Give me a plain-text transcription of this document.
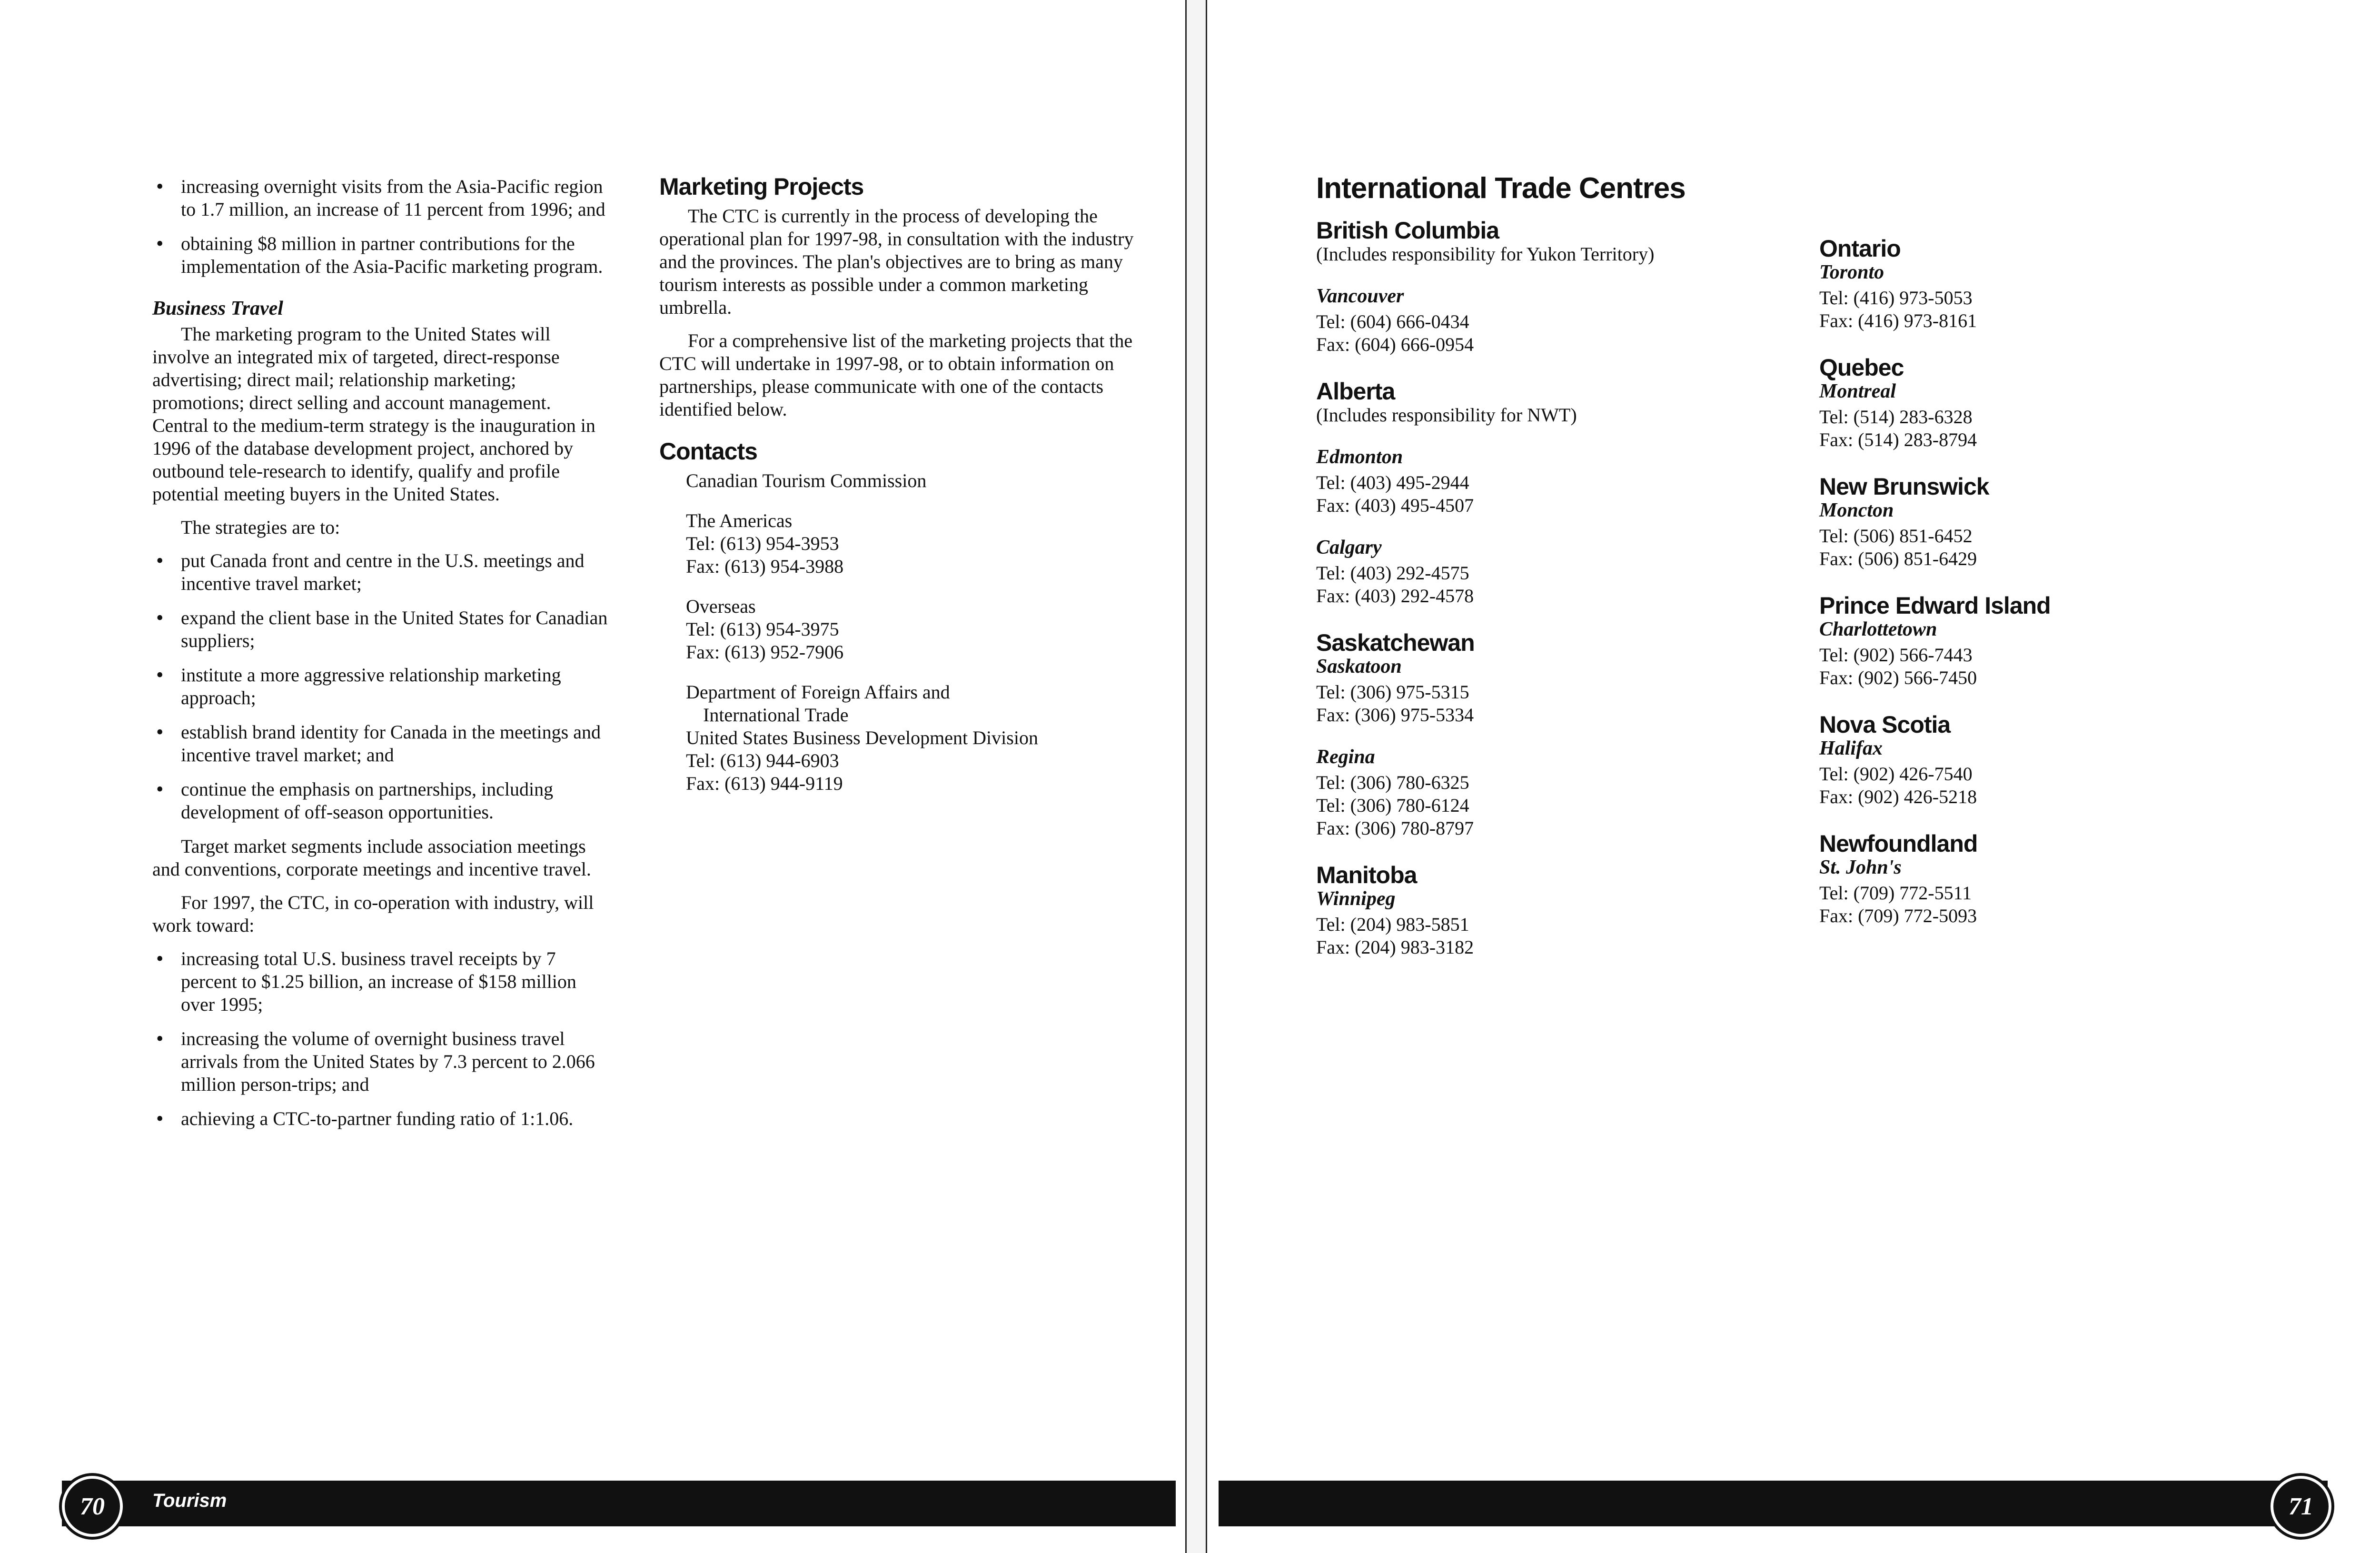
• increasing overnight visits from the Asia-Pacific region to 1.7 million, an increase of 11 percent from 1996; and
• obtaining $8 million in partner contributions for the implementation of the Asia-Pacific marketing program.
Business Travel

The marketing program to the United States will involve an integrated mix of targeted, direct-response advertising; direct mail; relationship marketing; promotions; direct selling and account management. Central to the medium-term strategy is the inauguration in 1996 of the database development project, anchored by outbound tele-research to identify, qualify and profile potential meeting buyers in the United States.

The strategies are to:

• put Canada front and centre in the U.S. meetings and incentive travel market;
• expand the client base in the United States for Canadian suppliers;
• institute a more aggressive relationship marketing approach;
• establish brand identity for Canada in the meetings and incentive travel market; and
• continue the emphasis on partnerships, including development of off-season opportunities.

Target market segments include association meetings and conventions, corporate meetings and incentive travel.

For 1997, the CTC, in co-operation with industry, will work toward:

• increasing total U.S. business travel receipts by 7 percent to $1.25 billion, an increase of $158 million over 1995;
• increasing the volume of overnight business travel arrivals from the United States by 7.3 percent to 2.066 million person-trips; and
• achieving a CTC-to-partner funding ratio of 1:1.06.
Marketing Projects

The CTC is currently in the process of developing the operational plan for 1997-98, in consultation with the industry and the provinces. The plan's objectives are to bring as many tourism interests as possible under a common marketing umbrella.

For a comprehensive list of the marketing projects that the CTC will undertake in 1997-98, or to obtain information on partnerships, please communicate with one of the contacts identified below.

Contacts
Canadian Tourism Commission
The Americas
Tel: (613) 954-3953
Fax: (613) 954-3988
Overseas
Tel: (613) 954-3975
Fax: (613) 952-7906
Department of Foreign Affairs and
International Trade
United States Business Development Division
Tel: (613) 944-6903
Fax: (613) 944-9119
International Trade Centres
British Columbia
(Includes responsibility for Yukon Territory)
Vancouver
Tel: (604) 666-0434
Fax: (604) 666-0954
Alberta
(Includes responsibility for NWT)
Edmonton
Tel: (403) 495-2944
Fax: (403) 495-4507
Calgary
Tel: (403) 292-4575
Fax: (403) 292-4578
Saskatchewan
Saskatoon
Tel: (306) 975-5315
Fax: (306) 975-5334
Regina
Tel: (306) 780-6325
Tel: (306) 780-6124
Fax: (306) 780-8797
Manitoba
Winnipeg
Tel: (204) 983-5851
Fax: (204) 983-3182
Ontario
Toronto
Tel: (416) 973-5053
Fax: (416) 973-8161
Quebec
Montreal
Tel: (514) 283-6328
Fax: (514) 283-8794
New Brunswick
Moncton
Tel: (506) 851-6452
Fax: (506) 851-6429
Prince Edward Island
Charlottetown
Tel: (902) 566-7443
Fax: (902) 566-7450
Nova Scotia
Halifax
Tel: (902) 426-7540
Fax: (902) 426-5218
Newfoundland
St. John's
Tel: (709) 772-5511
Fax: (709) 772-5093
Tourism
70	71
